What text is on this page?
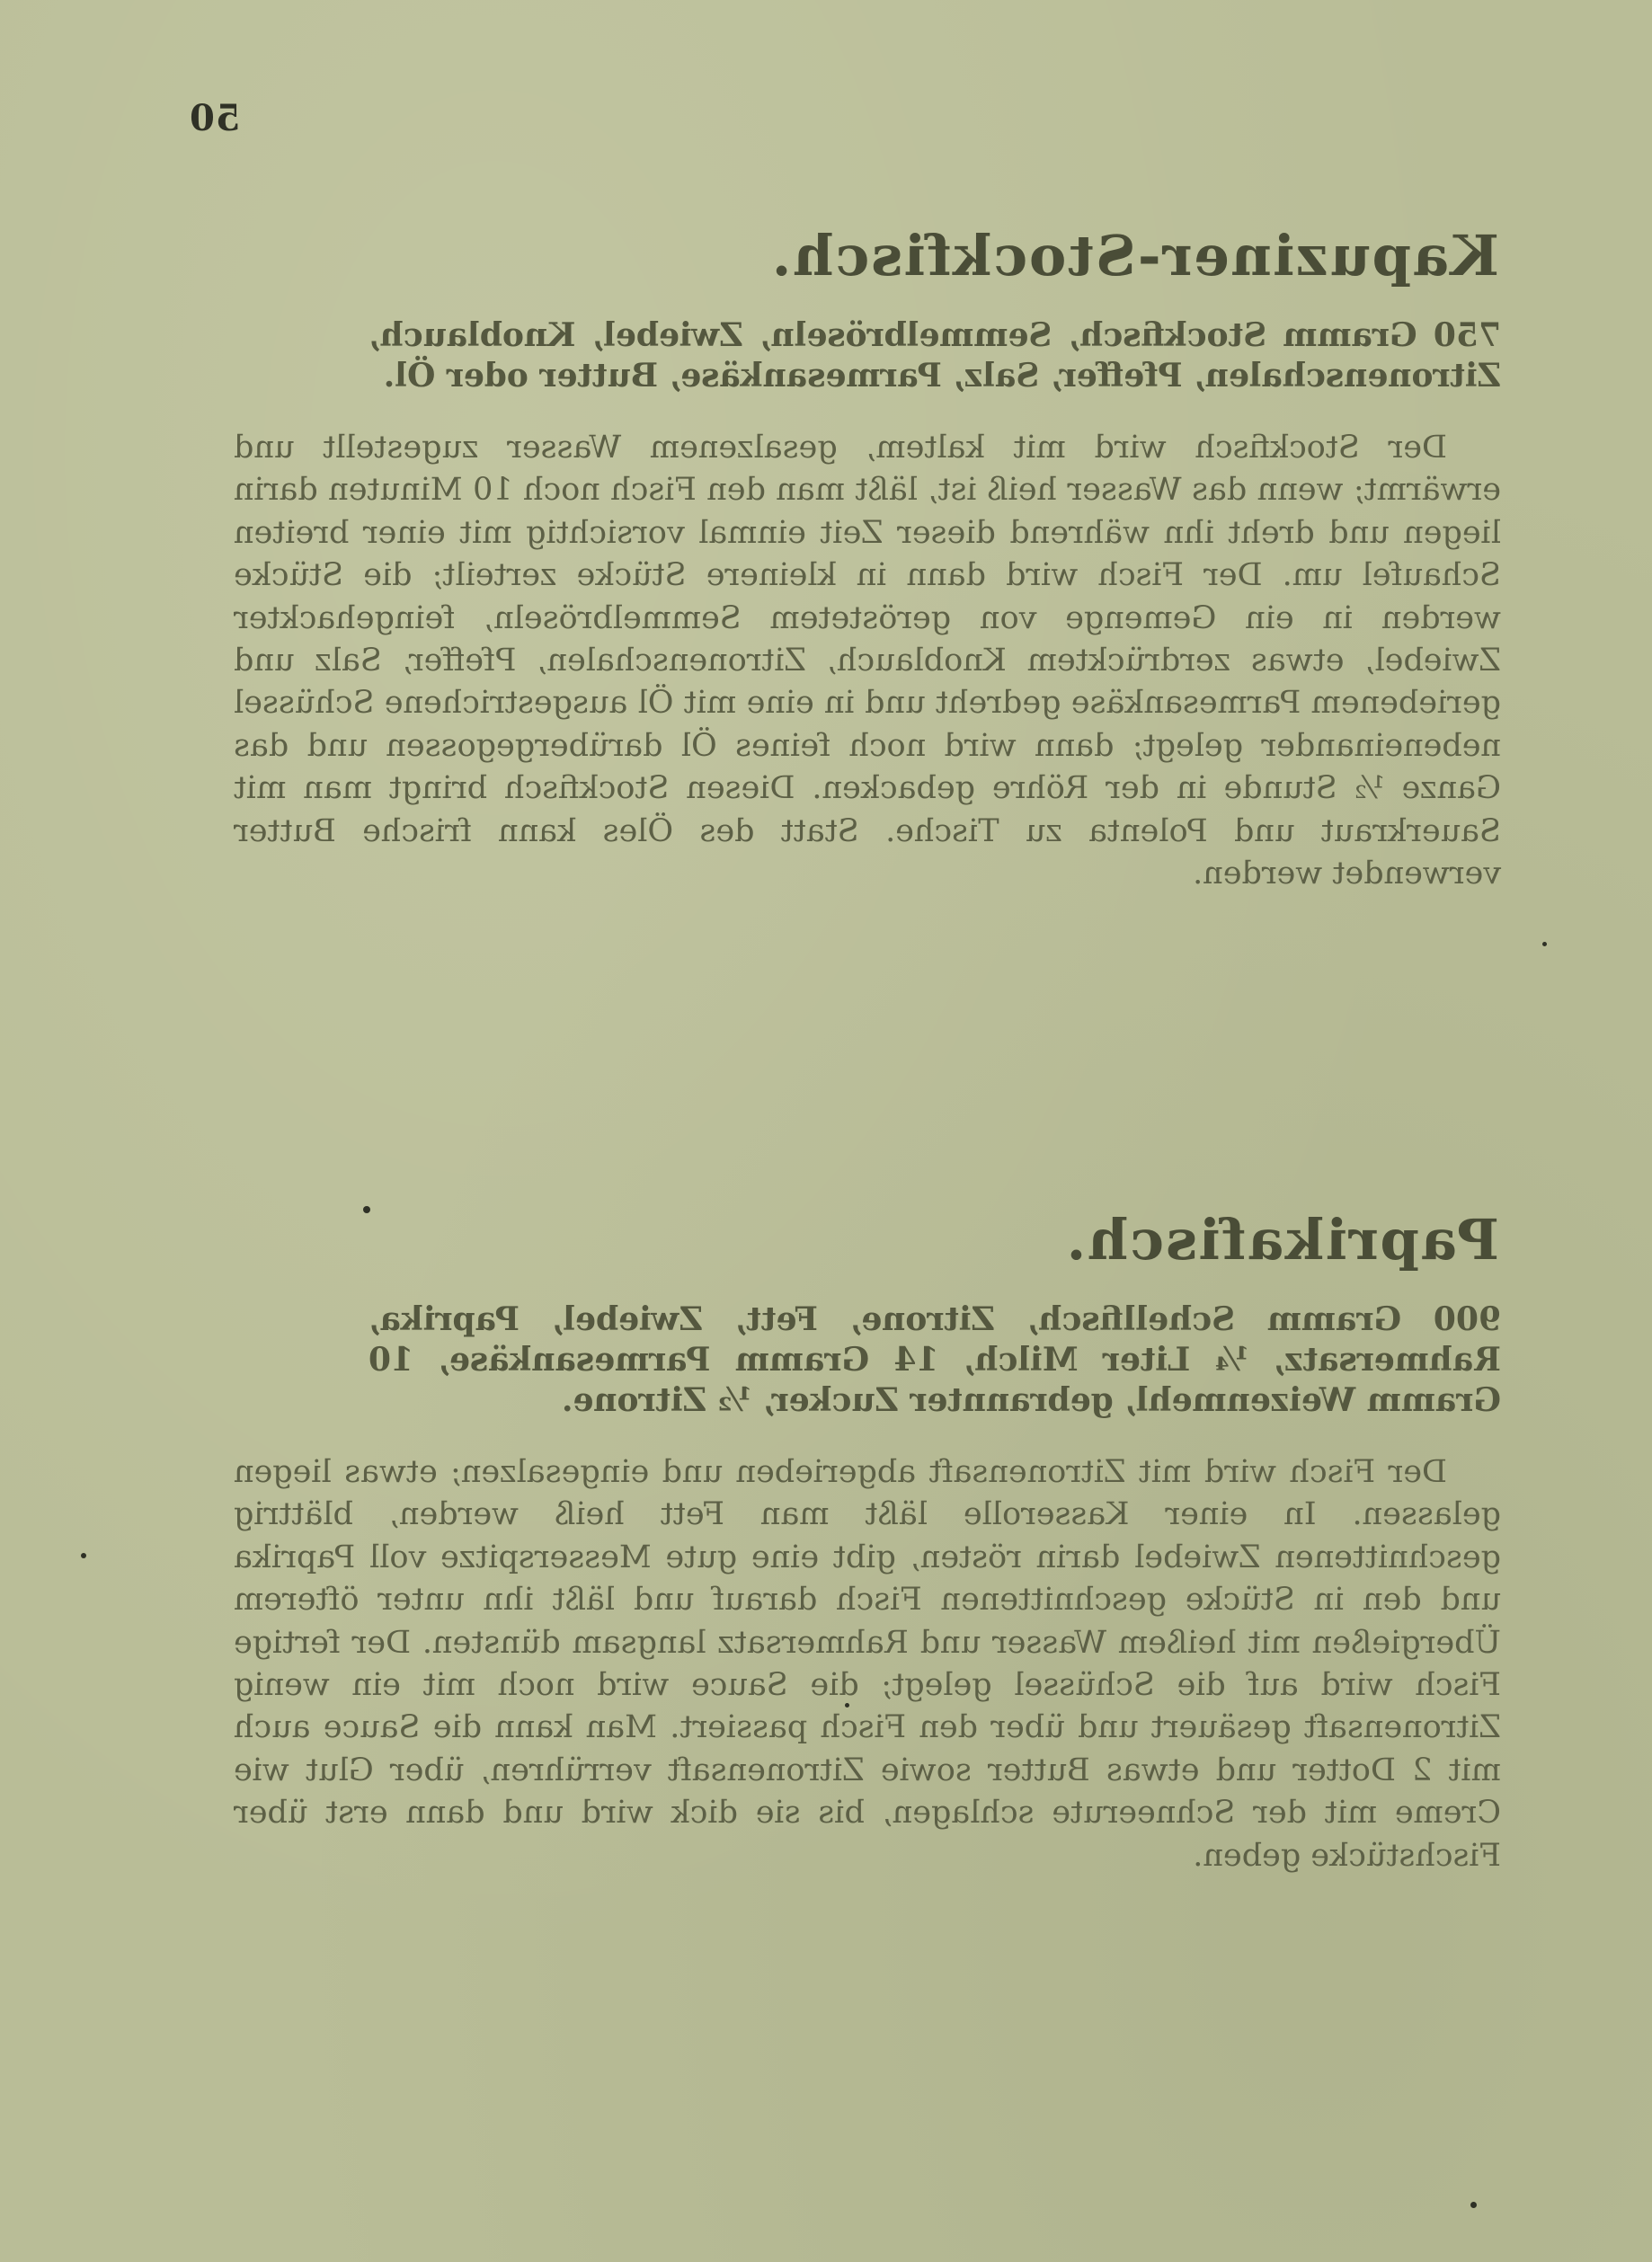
50
Kapuziner-Stockfisch.

750 Gramm Stockfisch, Semmelbröseln, Zwiebel, Knoblauch, Zitronenschalen, Pfeffer, Salz, Parmesankäse, Butter oder Öl.

Der Stockfisch wird mit kaltem, gesalzenem Wasser zugestellt und erwärmt; wenn das Wasser heiß ist, läßt man den Fisch noch 10 Minuten darin liegen und dreht ihn während dieser Zeit einmal vorsichtig mit einer breiten Schaufel um. Der Fisch wird dann in kleinere Stücke zerteilt; die Stücke werden in ein Gemenge von geröstetem Semmelbröseln, feingehackter Zwiebel, etwas zerdrücktem Knoblauch, Zitronenschalen, Pfeffer, Salz und geriebenem Parmesankäse gedreht und in eine mit Öl ausgestrichene Schüssel nebeneinander gelegt; dann wird noch feines Öl darübergegossen und das Ganze ½ Stunde in der Röhre gebacken. Diesen Stockfisch bringt man mit Sauerkraut und Polenta zu Tische. Statt des Öles kann frische Butter verwendet werden.

Paprikafisch.

900 Gramm Schellfisch, Zitrone, Fett, Zwiebel, Paprika, Rahmersatz, ¼ Liter Milch, 14 Gramm Parmesankäse, 10 Gramm Weizenmehl, gebrannter Zucker, ½ Zitrone.

Der Fisch wird mit Zitronensaft abgerieben und eingesalzen; etwas liegen gelassen. In einer Kasserolle läßt man Fett heiß werden, blättrig geschnittenen Zwiebel darin rösten, gibt eine gute Messerspitze voll Paprika und den in Stücke geschnittenen Fisch darauf und läßt ihn unter öfterem Übergießen mit heißem Wasser und Rahmersatz langsam dünsten. Der fertige Fisch wird auf die Schüssel gelegt; die Sauce wird noch mit ein wenig Zitronensaft gesäuert und über den Fisch passiert. Man kann die Sauce auch mit 2 Dotter und etwas Butter sowie Zitronensaft verrühren, über Glut wie Creme mit der Schneerute schlagen, bis sie dick wird und dann erst über Fischstücke geben.
